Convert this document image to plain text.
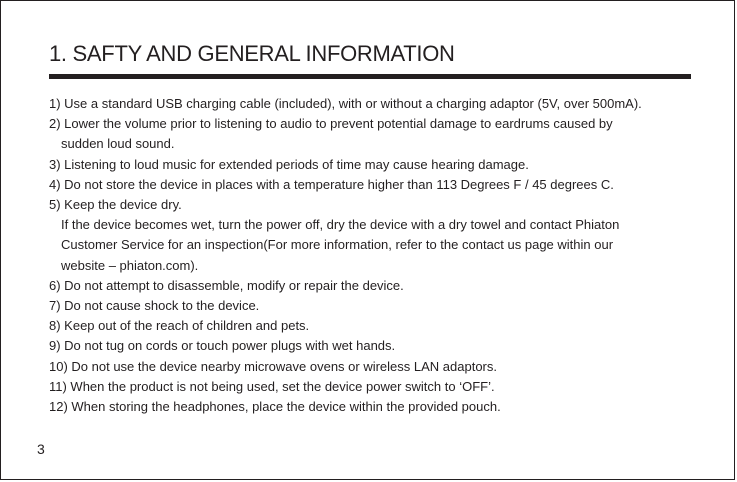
1. SAFTY AND GENERAL INFORMATION
1) Use a standard USB charging cable (included), with or without a charging adaptor (5V, over 500mA).
2) Lower the volume prior to listening to audio to prevent potential damage to eardrums caused by
sudden loud sound.
3) Listening to loud music for extended periods of time may cause hearing damage.
4) Do not store the device in places with a temperature higher than 113 Degrees F / 45 degrees C.
5) Keep the device dry.
If the device becomes wet, turn the power off, dry the device with a dry towel and contact Phiaton
Customer Service for an inspection(For more information, refer to the contact us page within our
website – phiaton.com).
6) Do not attempt to disassemble, modify or repair the device.
7) Do not cause shock to the device.
8) Keep out of the reach of children and pets.
9) Do not tug on cords or touch power plugs with wet hands.
10) Do not use the device nearby microwave ovens or wireless LAN adaptors.
11) When the product is not being used, set the device power switch to ‘OFF’.
12) When storing the headphones, place the device within the provided pouch.
3
